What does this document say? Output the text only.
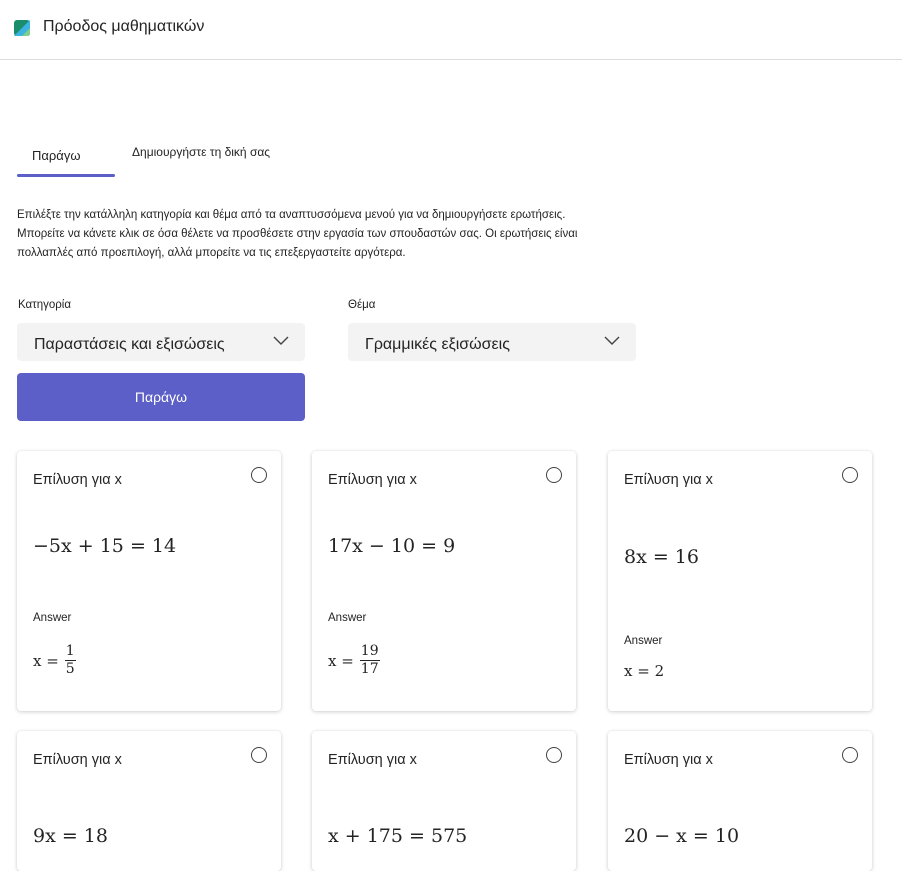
Πρόοδος μαθηματικών
Παράγω	Δημιουργήστε τη δική σας
Επιλέξτε την κατάλληλη κατηγορία και θέμα από τα αναπτυσσόμενα μενού για να δημιουργήσετε ερωτήσεις.
Μπορείτε να κάνετε κλικ σε όσα θέλετε να προσθέσετε στην εργασία των σπουδαστών σας. Οι ερωτήσεις είναι
πολλαπλές από προεπιλογή, αλλά μπορείτε να τις επεξεργαστείτε αργότερα.
Κατηγορία
Παραστάσεις και εξισώσεις
Θέμα
Γραμμικές εξισώσεις
Παράγω
Επίλυση για x
−5x + 15 = 14
Answer
$x = \frac{1}{5}$
Επίλυση για x
17x − 10 = 9
Answer
$x = \frac{19}{17}$
Επίλυση για x
8x = 16
Answer
x = 2
Επίλυση για x
9x = 18
Επίλυση για x
x + 175 = 575
Επίλυση για x
20 − x = 10
